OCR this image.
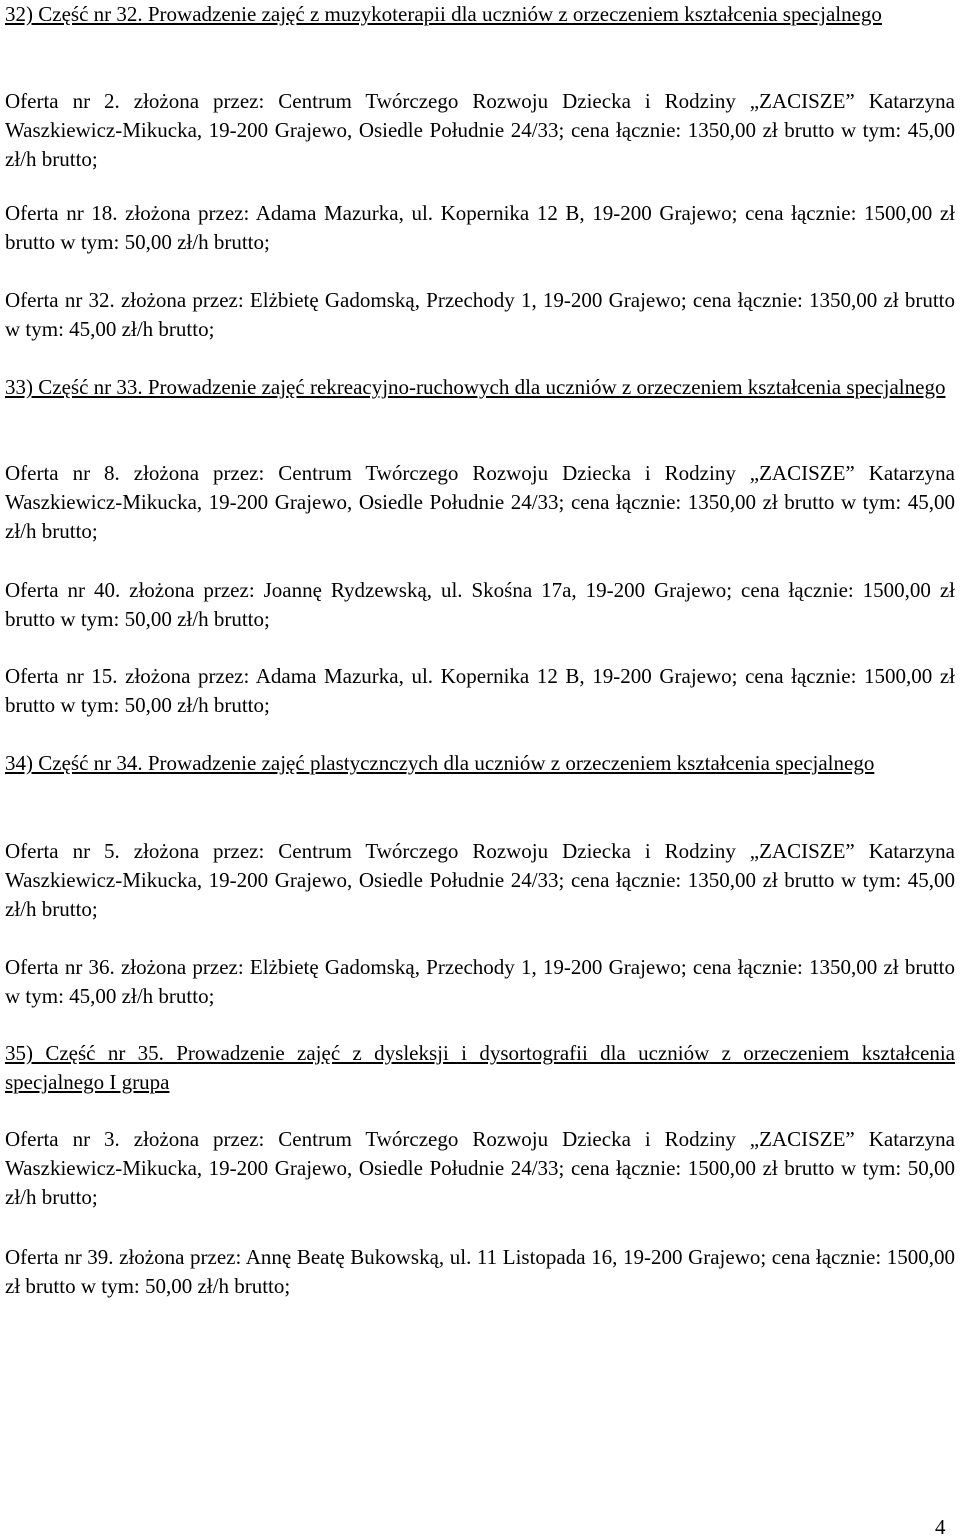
32) Część nr 32. Prowadzenie zajęć z muzykoterapii dla uczniów z orzeczeniem kształcenia specjalnego
Oferta nr 2. złożona przez: Centrum Twórczego Rozwoju Dziecka i Rodziny „ZACISZE” Katarzyna Waszkiewicz-Mikucka, 19-200 Grajewo, Osiedle Południe 24/33; cena łącznie: 1350,00 zł brutto w tym: 45,00 zł/h brutto;
Oferta nr 18. złożona przez: Adama Mazurka, ul. Kopernika 12 B, 19-200 Grajewo; cena łącznie: 1500,00 zł brutto w tym: 50,00 zł/h brutto;
Oferta nr 32. złożona przez: Elżbietę Gadomską, Przechody 1, 19-200 Grajewo; cena łącznie: 1350,00 zł brutto w tym: 45,00 zł/h brutto;
33) Część nr 33. Prowadzenie zajęć rekreacyjno-ruchowych dla uczniów z orzeczeniem kształcenia specjalnego
Oferta nr 8. złożona przez: Centrum Twórczego Rozwoju Dziecka i Rodziny „ZACISZE” Katarzyna Waszkiewicz-Mikucka, 19-200 Grajewo, Osiedle Południe 24/33; cena łącznie: 1350,00 zł brutto w tym: 45,00 zł/h brutto;
Oferta nr 40. złożona przez: Joannę Rydzewską, ul. Skośna 17a, 19-200 Grajewo; cena łącznie: 1500,00 zł brutto w tym: 50,00 zł/h brutto;
Oferta nr 15. złożona przez: Adama Mazurka, ul. Kopernika 12 B, 19-200 Grajewo; cena łącznie: 1500,00 zł brutto w tym: 50,00 zł/h brutto;
34) Część nr 34. Prowadzenie zajęć plastycznczych dla uczniów z orzeczeniem kształcenia specjalnego
Oferta nr 5. złożona przez: Centrum Twórczego Rozwoju Dziecka i Rodziny „ZACISZE” Katarzyna Waszkiewicz-Mikucka, 19-200 Grajewo, Osiedle Południe 24/33; cena łącznie: 1350,00 zł brutto w tym: 45,00 zł/h brutto;
Oferta nr 36. złożona przez: Elżbietę Gadomską, Przechody 1, 19-200 Grajewo; cena łącznie: 1350,00 zł brutto w tym: 45,00 zł/h brutto;
35) Część nr 35. Prowadzenie zajęć z dysleksji i dysortografii dla uczniów z orzeczeniem kształcenia specjalnego I grupa
Oferta nr 3. złożona przez: Centrum Twórczego Rozwoju Dziecka i Rodziny „ZACISZE” Katarzyna Waszkiewicz-Mikucka, 19-200 Grajewo, Osiedle Południe 24/33; cena łącznie: 1500,00 zł brutto w tym: 50,00 zł/h brutto;
Oferta nr 39. złożona przez: Annę Beatę Bukowską, ul. 11 Listopada 16, 19-200 Grajewo; cena łącznie: 1500,00 zł brutto w tym: 50,00 zł/h brutto;
4
